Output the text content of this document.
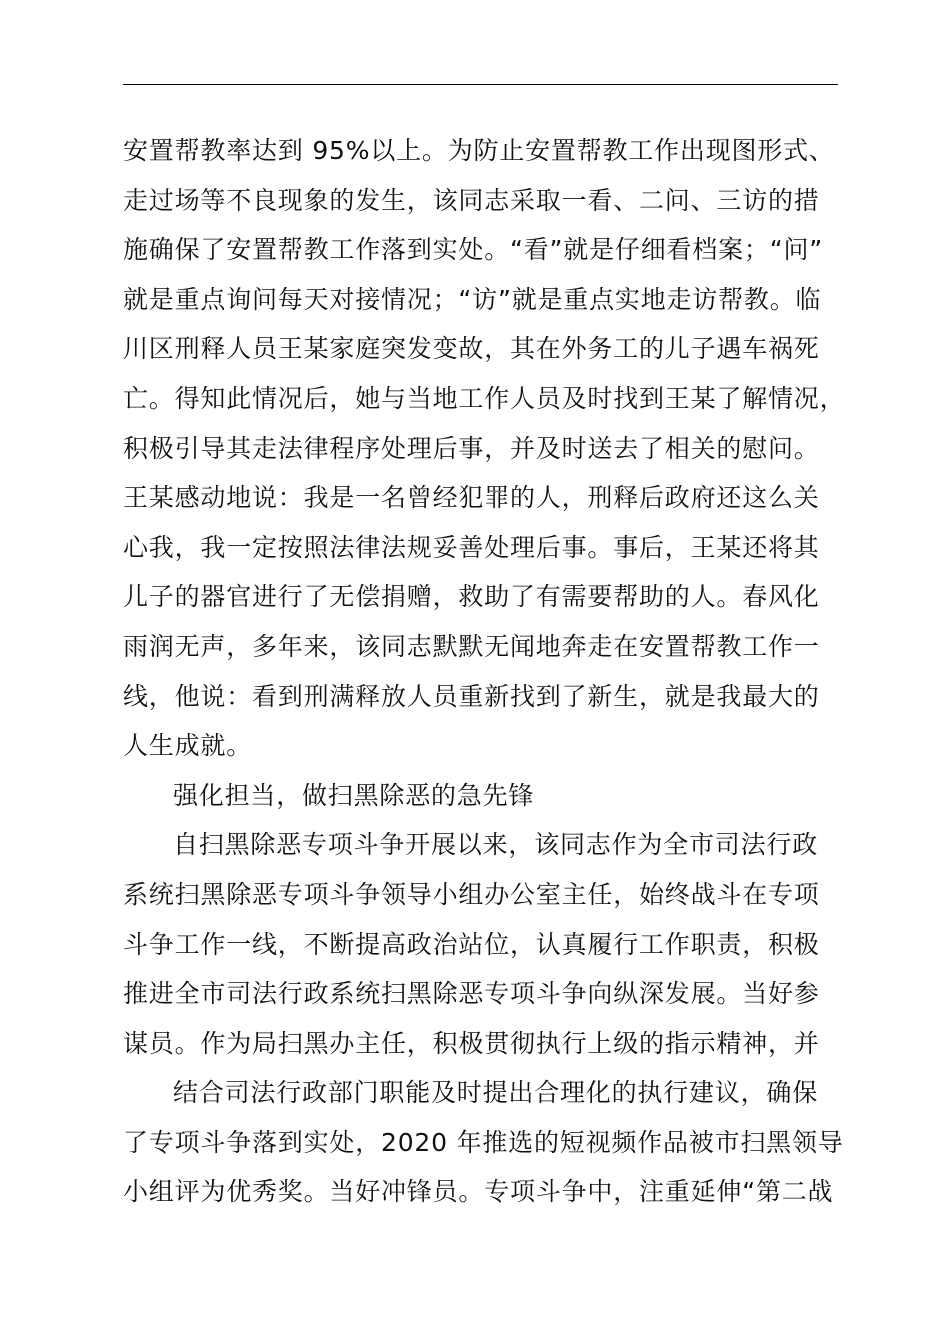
安置帮教率达到 95%以上。为防止安置帮教工作出现图形式、
走过场等不良现象的发生，该同志采取一看、二问、三访的措
施确保了安置帮教工作落到实处。“看”就是仔细看档案；“问”
就是重点询问每天对接情况；“访”就是重点实地走访帮教。临
川区刑释人员王某家庭突发变故，其在外务工的儿子遇车祸死
亡。得知此情况后，她与当地工作人员及时找到王某了解情况，
积极引导其走法律程序处理后事，并及时送去了相关的慰问。
王某感动地说：我是一名曾经犯罪的人，刑释后政府还这么关
心我，我一定按照法律法规妥善处理后事。事后，王某还将其
儿子的器官进行了无偿捐赠，救助了有需要帮助的人。春风化
雨润无声，多年来，该同志默默无闻地奔走在安置帮教工作一
线，他说：看到刑满释放人员重新找到了新生，就是我最大的
人生成就。
强化担当，做扫黑除恶的急先锋
自扫黑除恶专项斗争开展以来，该同志作为全市司法行政
系统扫黑除恶专项斗争领导小组办公室主任，始终战斗在专项
斗争工作一线，不断提高政治站位，认真履行工作职责，积极
推进全市司法行政系统扫黑除恶专项斗争向纵深发展。当好参
谋员。作为局扫黑办主任，积极贯彻执行上级的指示精神，并
结合司法行政部门职能及时提出合理化的执行建议，确保
了专项斗争落到实处，2020 年推选的短视频作品被市扫黑领导
小组评为优秀奖。当好冲锋员。专项斗争中，注重延伸“第二战
